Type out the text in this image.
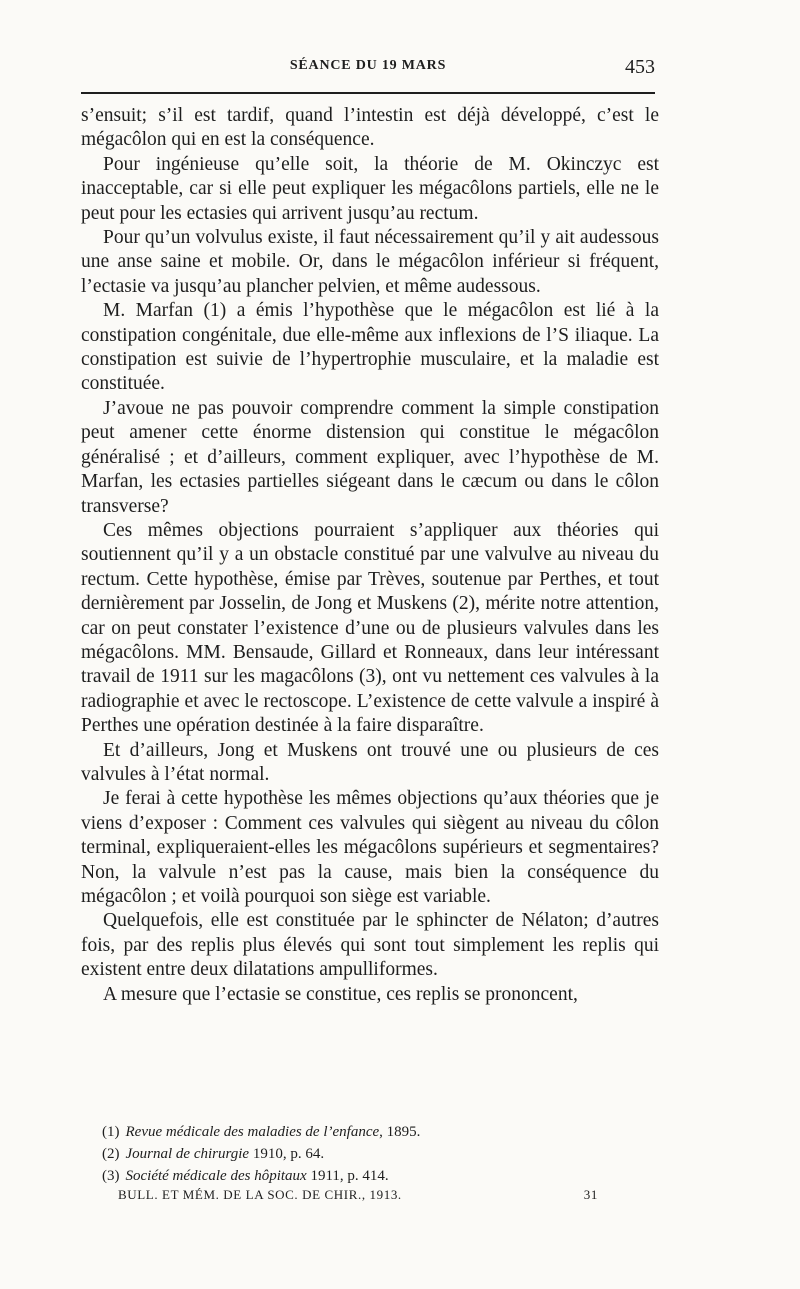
SÉANCE DU 19 MARS	453

s’ensuit; s’il est tardif, quand l’intestin est déjà développé, c’est le mégacôlon qui en est la conséquence.

Pour ingénieuse qu’elle soit, la théorie de M. Okinczyc est inacceptable, car si elle peut expliquer les mégacôlons partiels, elle ne le peut pour les ectasies qui arrivent jusqu’au rectum.

Pour qu’un volvulus existe, il faut nécessairement qu’il y ait audessous une anse saine et mobile. Or, dans le mégacôlon inférieur si fréquent, l’ectasie va jusqu’au plancher pelvien, et même audessous.

M. Marfan (1) a émis l’hypothèse que le mégacôlon est lié à la constipation congénitale, due elle-même aux inflexions de l’S iliaque. La constipation est suivie de l’hypertrophie musculaire, et la maladie est constituée.

J’avoue ne pas pouvoir comprendre comment la simple constipation peut amener cette énorme distension qui constitue le mégacôlon généralisé ; et d’ailleurs, comment expliquer, avec l’hypothèse de M. Marfan, les ectasies partielles siégeant dans le cæcum ou dans le côlon transverse?

Ces mêmes objections pourraient s’appliquer aux théories qui soutiennent qu’il y a un obstacle constitué par une valvulve au niveau du rectum. Cette hypothèse, émise par Trèves, soutenue par Perthes, et tout dernièrement par Josselin, de Jong et Muskens (2), mérite notre attention, car on peut constater l’existence d’une ou de plusieurs valvules dans les mégacôlons. MM. Bensaude, Gillard et Ronneaux, dans leur intéressant travail de 1911 sur les magacôlons (3), ont vu nettement ces valvules à la radiographie et avec le rectoscope. L’existence de cette valvule a inspiré à Perthes une opération destinée à la faire disparaître.

Et d’ailleurs, Jong et Muskens ont trouvé une ou plusieurs de ces valvules à l’état normal.

Je ferai à cette hypothèse les mêmes objections qu’aux théories que je viens d’exposer : Comment ces valvules qui siègent au niveau du côlon terminal, expliqueraient-elles les mégacôlons supérieurs et segmentaires? Non, la valvule n’est pas la cause, mais bien la conséquence du mégacôlon ; et voilà pourquoi son siège est variable.

Quelquefois, elle est constituée par le sphincter de Nélaton; d’autres fois, par des replis plus élevés qui sont tout simplement les replis qui existent entre deux dilatations ampulliformes.

A mesure que l’ectasie se constitue, ces replis se prononcent,

(1) Revue médicale des maladies de l’enfance, 1895.
(2) Journal de chirurgie 1910, p. 64.
(3) Société médicale des hôpitaux 1911, p. 414.
BULL. ET MÉM. DE LA SOC. DE CHIR., 1913.	31
